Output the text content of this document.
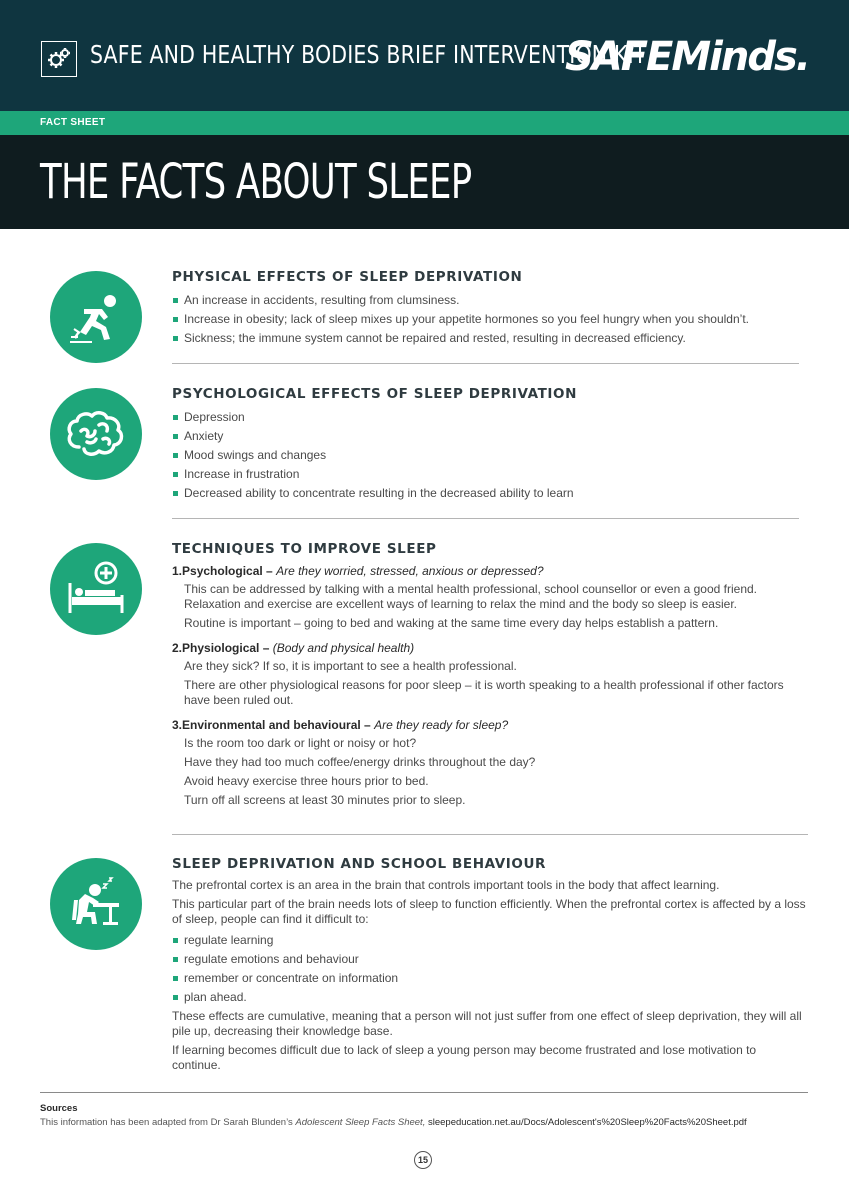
SAFE AND HEALTHY BODIES BRIEF INTERVENTION KIT
SAFEMinds.
FACT SHEET
THE FACTS ABOUT SLEEP
PHYSICAL EFFECTS OF SLEEP DEPRIVATION
An increase in accidents, resulting from clumsiness.
Increase in obesity; lack of sleep mixes up your appetite hormones so you feel hungry when you shouldn’t.
Sickness; the immune system cannot be repaired and rested, resulting in decreased efficiency.
PSYCHOLOGICAL EFFECTS OF SLEEP DEPRIVATION
Depression
Anxiety
Mood swings and changes
Increase in frustration
Decreased ability to concentrate resulting in the decreased ability to learn
TECHNIQUES TO IMPROVE SLEEP
1.Psychological – Are they worried, stressed, anxious or depressed?

This can be addressed by talking with a mental health professional, school counsellor or even a good friend. Relaxation and exercise are excellent ways of learning to relax the mind and the body so sleep is easier.

Routine is important – going to bed and waking at the same time every day helps establish a pattern.

2.Physiological – (Body and physical health)

Are they sick? If so, it is important to see a health professional.

There are other physiological reasons for poor sleep – it is worth speaking to a health professional if other factors have been ruled out.

3.Environmental and behavioural – Are they ready for sleep?

Is the room too dark or light or noisy or hot?

Have they had too much coffee/energy drinks throughout the day?

Avoid heavy exercise three hours prior to bed.

Turn off all screens at least 30 minutes prior to sleep.

SLEEP DEPRIVATION AND SCHOOL BEHAVIOUR

The prefrontal cortex is an area in the brain that controls important tools in the body that affect learning.

This particular part of the brain needs lots of sleep to function efficiently. When the prefrontal cortex is affected by a loss of sleep, people can find it difficult to:

regulate learning
regulate emotions and behaviour
remember or concentrate on information
plan ahead.

These effects are cumulative, meaning that a person will not just suffer from one effect of sleep deprivation, they will all pile up, decreasing their knowledge base.

If learning becomes difficult due to lack of sleep a young person may become frustrated and lose motivation to continue.

Sources
This information has been adapted from Dr Sarah Blunden’s Adolescent Sleep Facts Sheet, sleepeducation.net.au/Docs/Adolescent's%20Sleep%20Facts%20Sheet.pdf
15
